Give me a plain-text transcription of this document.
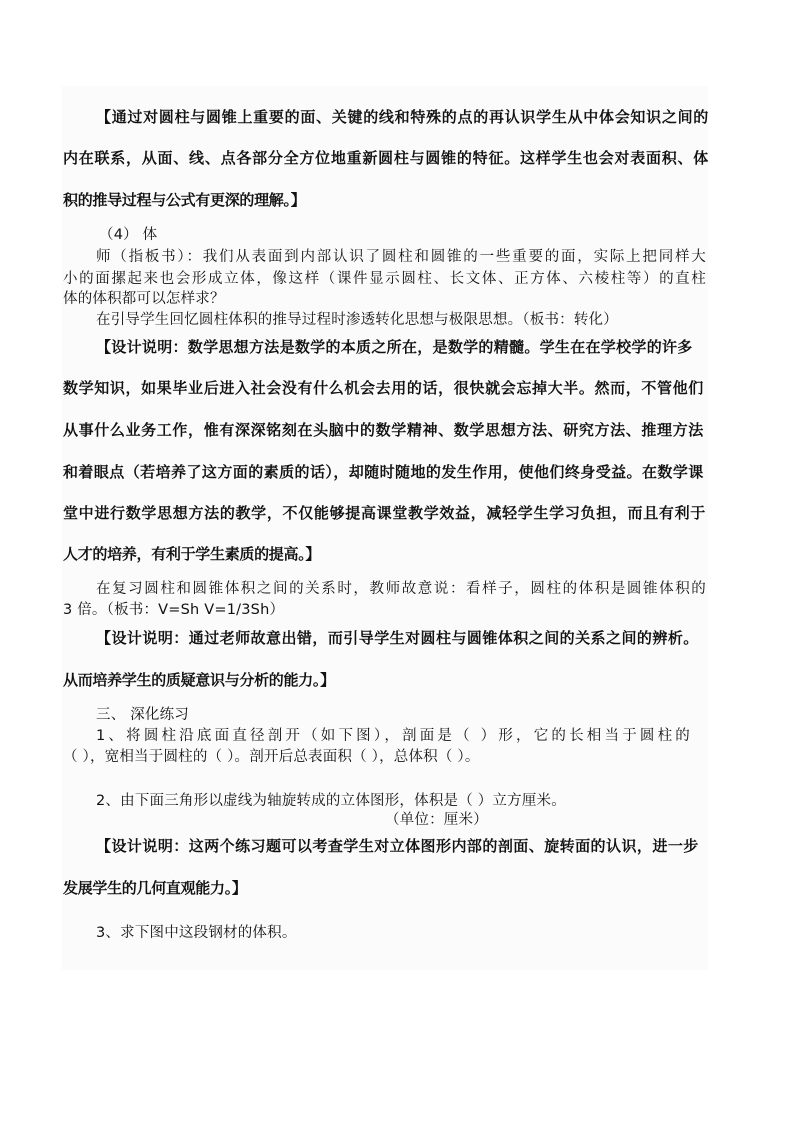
【通过对圆柱与圆锥上重要的面、关键的线和特殊的点的再认识学生从中体会知识之间的
内在联系，从面、线、点各部分全方位地重新圆柱与圆锥的特征。这样学生也会对表面积、体
积的推导过程与公式有更深的理解。】
（4） 体
师（指板书）：我们从表面到内部认识了圆柱和圆锥的一些重要的面，实际上把同样大
小的面摞起来也会形成立体，像这样（课件显示圆柱、长文体、正方体、六棱柱等）的直柱
体的体积都可以怎样求？
在引导学生回忆圆柱体积的推导过程时渗透转化思想与极限思想。（板书：转化）
【设计说明：数学思想方法是数学的本质之所在，是数学的精髓。学生在在学校学的许多
数学知识，如果毕业后进入社会没有什么机会去用的话，很快就会忘掉大半。然而，不管他们
从事什么业务工作，惟有深深铭刻在头脑中的数学精神、数学思想方法、研究方法、推理方法
和着眼点（若培养了这方面的素质的话），却随时随地的发生作用，使他们终身受益。在数学课
堂中进行数学思想方法的教学，不仅能够提高课堂教学效益，减轻学生学习负担，而且有利于
人才的培养，有利于学生素质的提高。】
在复习圆柱和圆锥体积之间的关系时，教师故意说：看样子，圆柱的体积是圆锥体积的
3 倍。（板书：V=Sh V=1/3Sh）
【设计说明：通过老师故意出错，而引导学生对圆柱与圆锥体积之间的关系之间的辨析。
从而培养学生的质疑意识与分析的能力。】
三、 深化练习
1、将圆柱沿底面直径剖开（如下图），剖面是（ ）形，它的长相当于圆柱的
（ ），宽相当于圆柱的（ ）。剖开后总表面积（ ），总体积（ ）。
2、由下面三角形以虚线为轴旋转成的立体图形，体积是（ ）立方厘米。
（单位：厘米）
【设计说明：这两个练习题可以考查学生对立体图形内部的剖面、旋转面的认识，进一步
发展学生的几何直观能力。】
3、求下图中这段钢材的体积。
